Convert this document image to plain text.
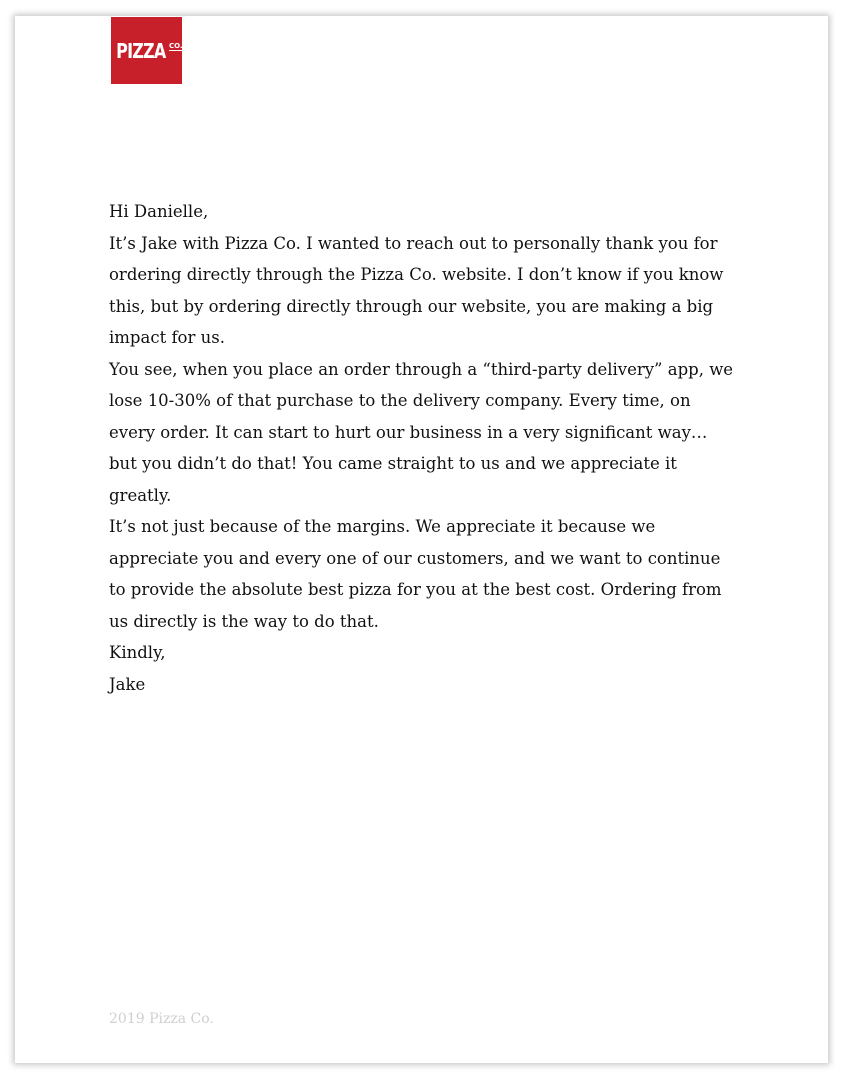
PIZZA CO.

Hi Danielle,

It’s Jake with Pizza Co. I wanted to reach out to personally thank you for ordering directly through the Pizza Co. website. I don’t know if you know this, but by ordering directly through our website, you are making a big impact for us.

You see, when you place an order through a “third-party delivery” app, we lose 10-30% of that purchase to the delivery company. Every time, on every order. It can start to hurt our business in a very significant way… but you didn’t do that! You came straight to us and we appreciate it greatly.

It’s not just because of the margins. We appreciate it because we appreciate you and every one of our customers, and we want to continue to provide the absolute best pizza for you at the best cost. Ordering from us directly is the way to do that.

Kindly,

Jake

2019 Pizza Co.
